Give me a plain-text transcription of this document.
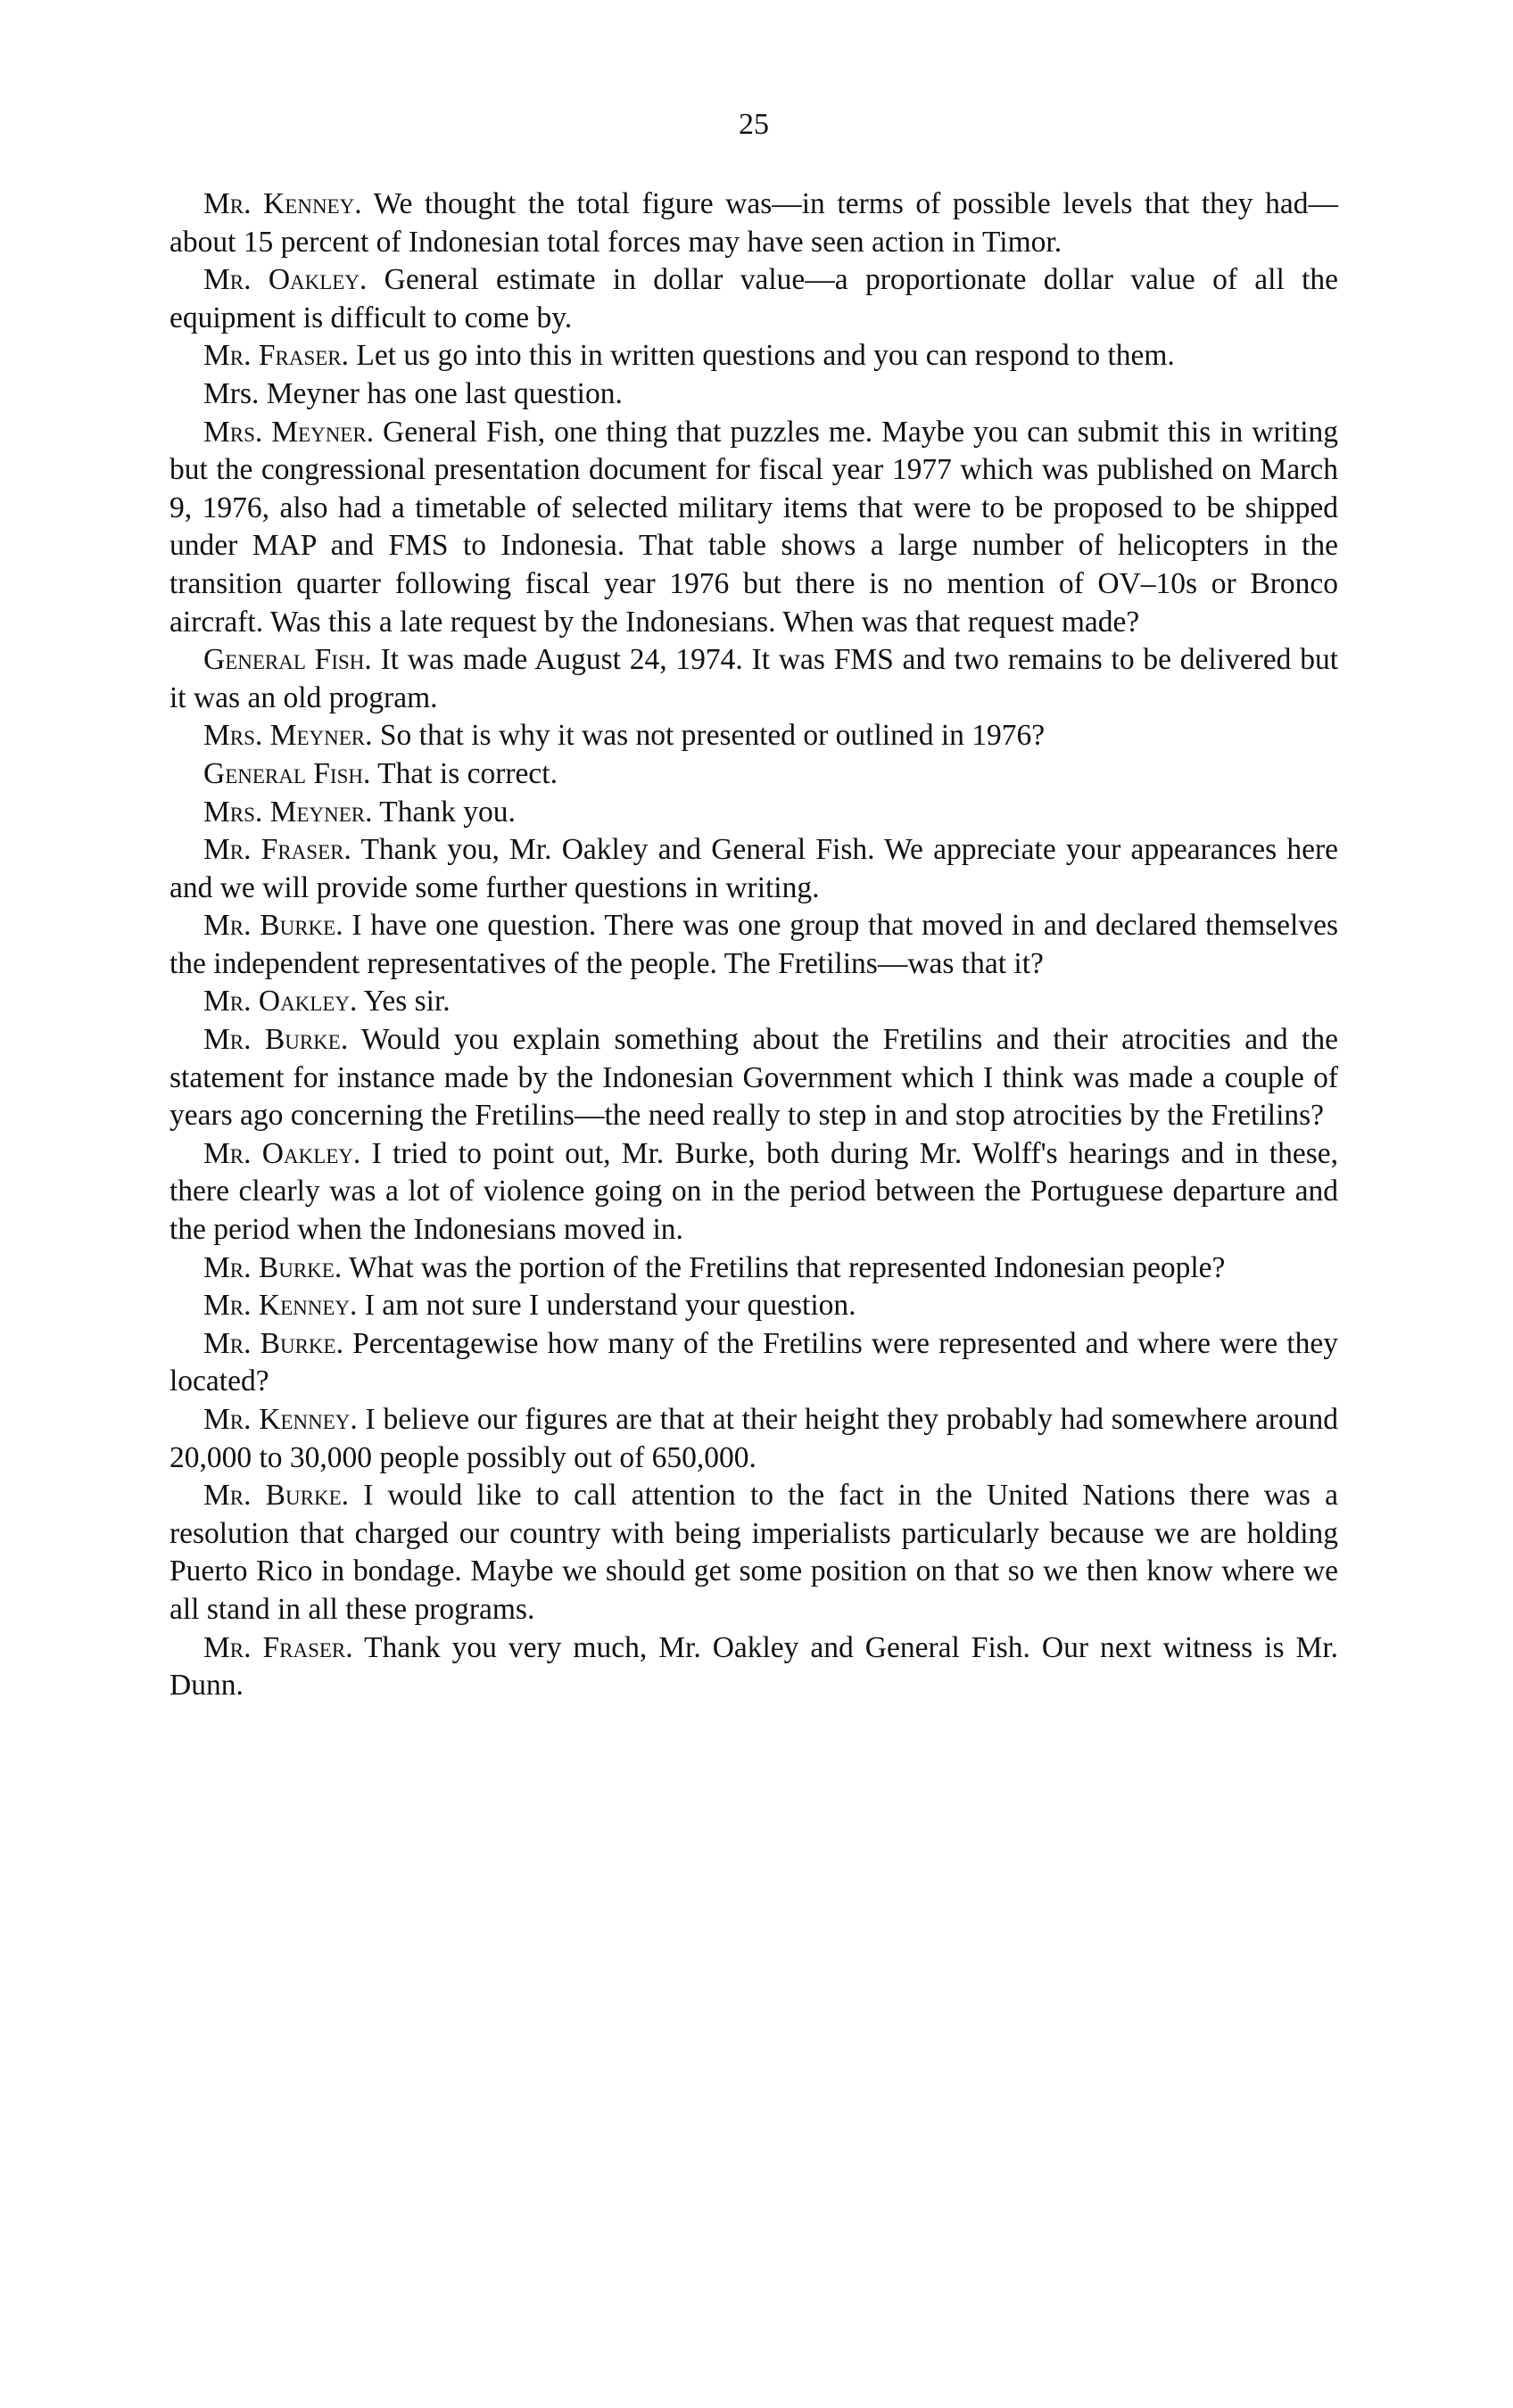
25

Mr. Kenney. We thought the total figure was—in terms of possible levels that they had—about 15 percent of Indonesian total forces may have seen action in Timor.

Mr. Oakley. General estimate in dollar value—a proportionate dollar value of all the equipment is difficult to come by.

Mr. Fraser. Let us go into this in written questions and you can respond to them.

Mrs. Meyner has one last question.

Mrs. Meyner. General Fish, one thing that puzzles me. Maybe you can submit this in writing but the congressional presentation document for fiscal year 1977 which was published on March 9, 1976, also had a timetable of selected military items that were to be proposed to be shipped under MAP and FMS to Indonesia. That table shows a large number of helicopters in the transition quarter following fiscal year 1976 but there is no mention of OV–10s or Bronco aircraft. Was this a late request by the Indonesians. When was that request made?

General Fish. It was made August 24, 1974. It was FMS and two remains to be delivered but it was an old program.

Mrs. Meyner. So that is why it was not presented or outlined in 1976?

General Fish. That is correct.

Mrs. Meyner. Thank you.

Mr. Fraser. Thank you, Mr. Oakley and General Fish. We appreciate your appearances here and we will provide some further questions in writing.

Mr. Burke. I have one question. There was one group that moved in and declared themselves the independent representatives of the people. The Fretilins—was that it?

Mr. Oakley. Yes sir.

Mr. Burke. Would you explain something about the Fretilins and their atrocities and the statement for instance made by the Indonesian Government which I think was made a couple of years ago concerning the Fretilins—the need really to step in and stop atrocities by the Fretilins?

Mr. Oakley. I tried to point out, Mr. Burke, both during Mr. Wolff's hearings and in these, there clearly was a lot of violence going on in the period between the Portuguese departure and the period when the Indonesians moved in.

Mr. Burke. What was the portion of the Fretilins that represented Indonesian people?

Mr. Kenney. I am not sure I understand your question.

Mr. Burke. Percentagewise how many of the Fretilins were represented and where were they located?

Mr. Kenney. I believe our figures are that at their height they probably had somewhere around 20,000 to 30,000 people possibly out of 650,000.

Mr. Burke. I would like to call attention to the fact in the United Nations there was a resolution that charged our country with being imperialists particularly because we are holding Puerto Rico in bondage. Maybe we should get some position on that so we then know where we all stand in all these programs.

Mr. Fraser. Thank you very much, Mr. Oakley and General Fish. Our next witness is Mr. Dunn.
